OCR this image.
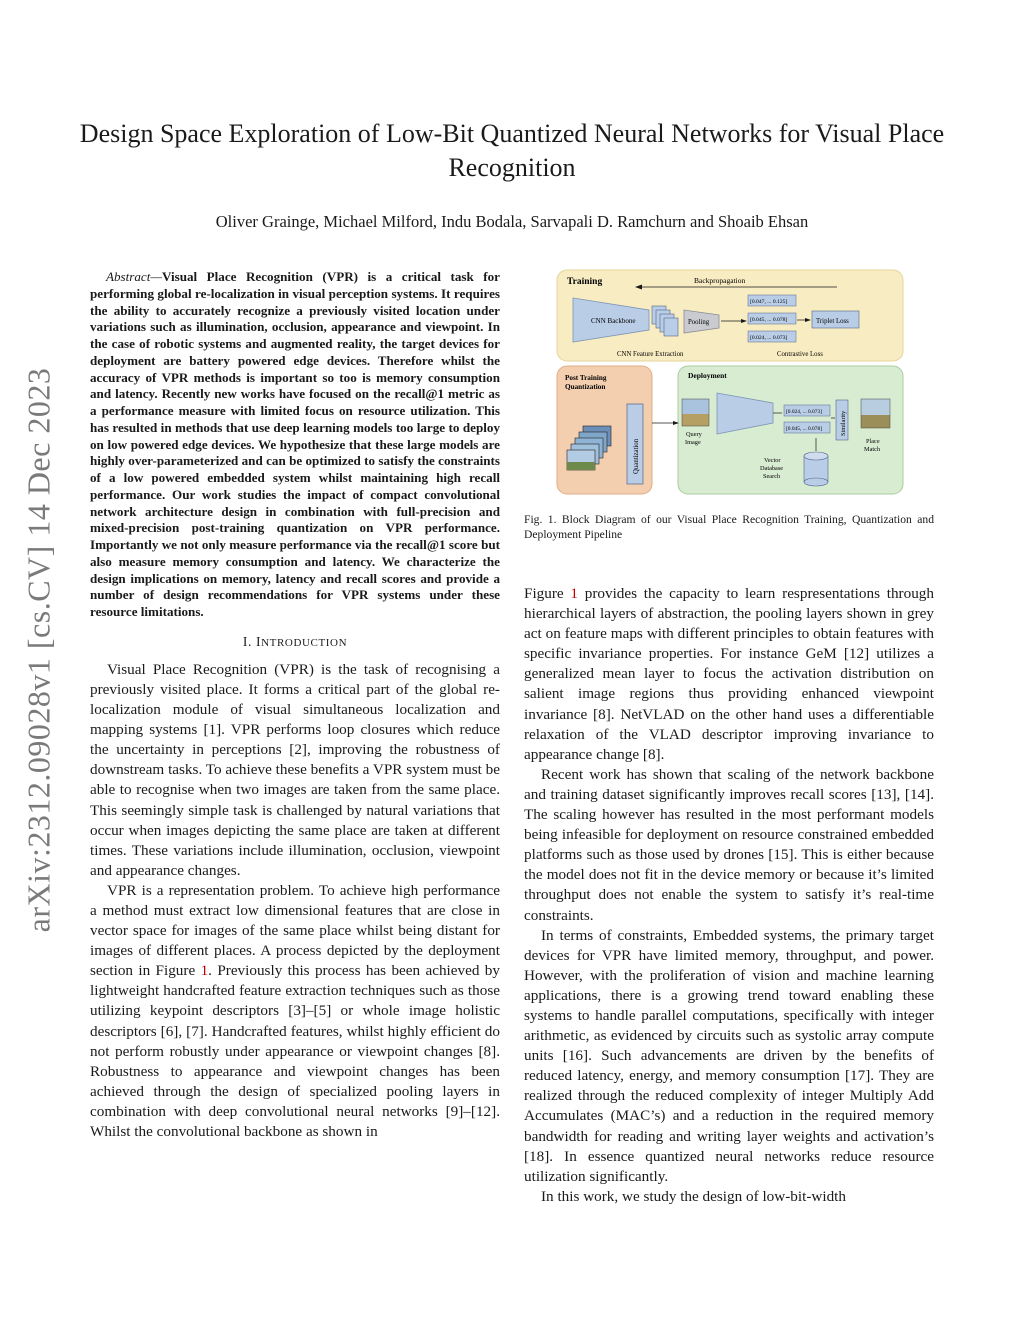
Design Space Exploration of Low-Bit Quantized Neural Networks for Visual Place Recognition
Oliver Grainge, Michael Milford, Indu Bodala, Sarvapali D. Ramchurn and Shoaib Ehsan
arXiv:2312.09028v1 [cs.CV] 14 Dec 2023

Abstract—Visual Place Recognition (VPR) is a critical task for performing global re-localization in visual perception systems. It requires the ability to accurately recognize a previously visited location under variations such as illumination, occlusion, appearance and viewpoint. In the case of robotic systems and augmented reality, the target devices for deployment are battery powered edge devices. Therefore whilst the accuracy of VPR methods is important so too is memory consumption and latency. Recently new works have focused on the recall@1 metric as a performance measure with limited focus on resource utilization. This has resulted in methods that use deep learning models too large to deploy on low powered edge devices. We hypothesize that these large models are highly over-parameterized and can be optimized to satisfy the constraints of a low powered embedded system whilst maintaining high recall performance. Our work studies the impact of compact convolutional network architecture design in combination with full-precision and mixed-precision post-training quantization on VPR performance. Importantly we not only measure performance via the recall@1 score but also measure memory consumption and latency. We characterize the design implications on memory, latency and recall scores and provide a number of design recommendations for VPR systems under these resource limitations.

I. INTRODUCTION

Visual Place Recognition (VPR) is the task of recognising a previously visited place. It forms a critical part of the global re-localization module of visual simultaneous localization and mapping systems [1]. VPR performs loop closures which reduce the uncertainty in perceptions [2], improving the robustness of downstream tasks. To achieve these benefits a VPR system must be able to recognise when two images are taken from the same place. This seemingly simple task is challenged by natural variations that occur when images depicting the same place are taken at different times. These variations include illumination, occlusion, viewpoint and appearance changes.

VPR is a representation problem. To achieve high performance a method must extract low dimensional features that are close in vector space for images of the same place whilst being distant for images of different places. A process depicted by the deployment section in Figure 1. Previously this process has been achieved by lightweight handcrafted feature extraction techniques such as those utilizing keypoint descriptors [3]–[5] or whole image holistic descriptors [6], [7]. Handcrafted features, whilst highly efficient do not perform robustly under appearance or viewpoint changes [8]. Robustness to appearance and viewpoint changes has been achieved through the design of specialized pooling layers in combination with deep convolutional neural networks [9]–[12]. Whilst the convolutional backbone as shown in

Training	Backpropagation
CNN Backbone	Pooling
[0.047, ... 0.125]
[0.045, ... 0.078]
[0.024, ... 0.073]
Triplet Loss
CNN Feature Extraction	Contrastive Loss
Post Training
Quantization
Quantization
Deployment
Query
Image
[0.024, ... 0.073]
[0.045, ... 0.078]	Similarity
Place
Match
Vector
Database
Search
Fig. 1. Block Diagram of our Visual Place Recognition Training, Quantization and Deployment Pipeline

Figure 1 provides the capacity to learn respresentations through hierarchical layers of abstraction, the pooling layers shown in grey act on feature maps with different principles to obtain features with specific invariance properties. For instance GeM [12] utilizes a generalized mean layer to focus the activation distribution on salient image regions thus providing enhanced viewpoint invariance [8]. NetVLAD on the other hand uses a differentiable relaxation of the VLAD descriptor improving invariance to appearance change [8].

Recent work has shown that scaling of the network backbone and training dataset significantly improves recall scores [13], [14]. The scaling however has resulted in the most performant models being infeasible for deployment on resource constrained embedded platforms such as those used by drones [15]. This is either because the model does not fit in the device memory or because it’s limited throughput does not enable the system to satisfy it’s real-time constraints.

In terms of constraints, Embedded systems, the primary target devices for VPR have limited memory, throughput, and power. However, with the proliferation of vision and machine learning applications, there is a growing trend toward enabling these systems to handle parallel computations, specifically with integer arithmetic, as evidenced by circuits such as systolic array compute units [16]. Such advancements are driven by the benefits of reduced latency, energy, and memory consumption [17]. They are realized through the reduced complexity of integer Multiply Add Accumulates (MAC’s) and a reduction in the required memory bandwidth for reading and writing layer weights and activation’s [18]. In essence quantized neural networks reduce resource utilization significantly.

In this work, we study the design of low-bit-width
